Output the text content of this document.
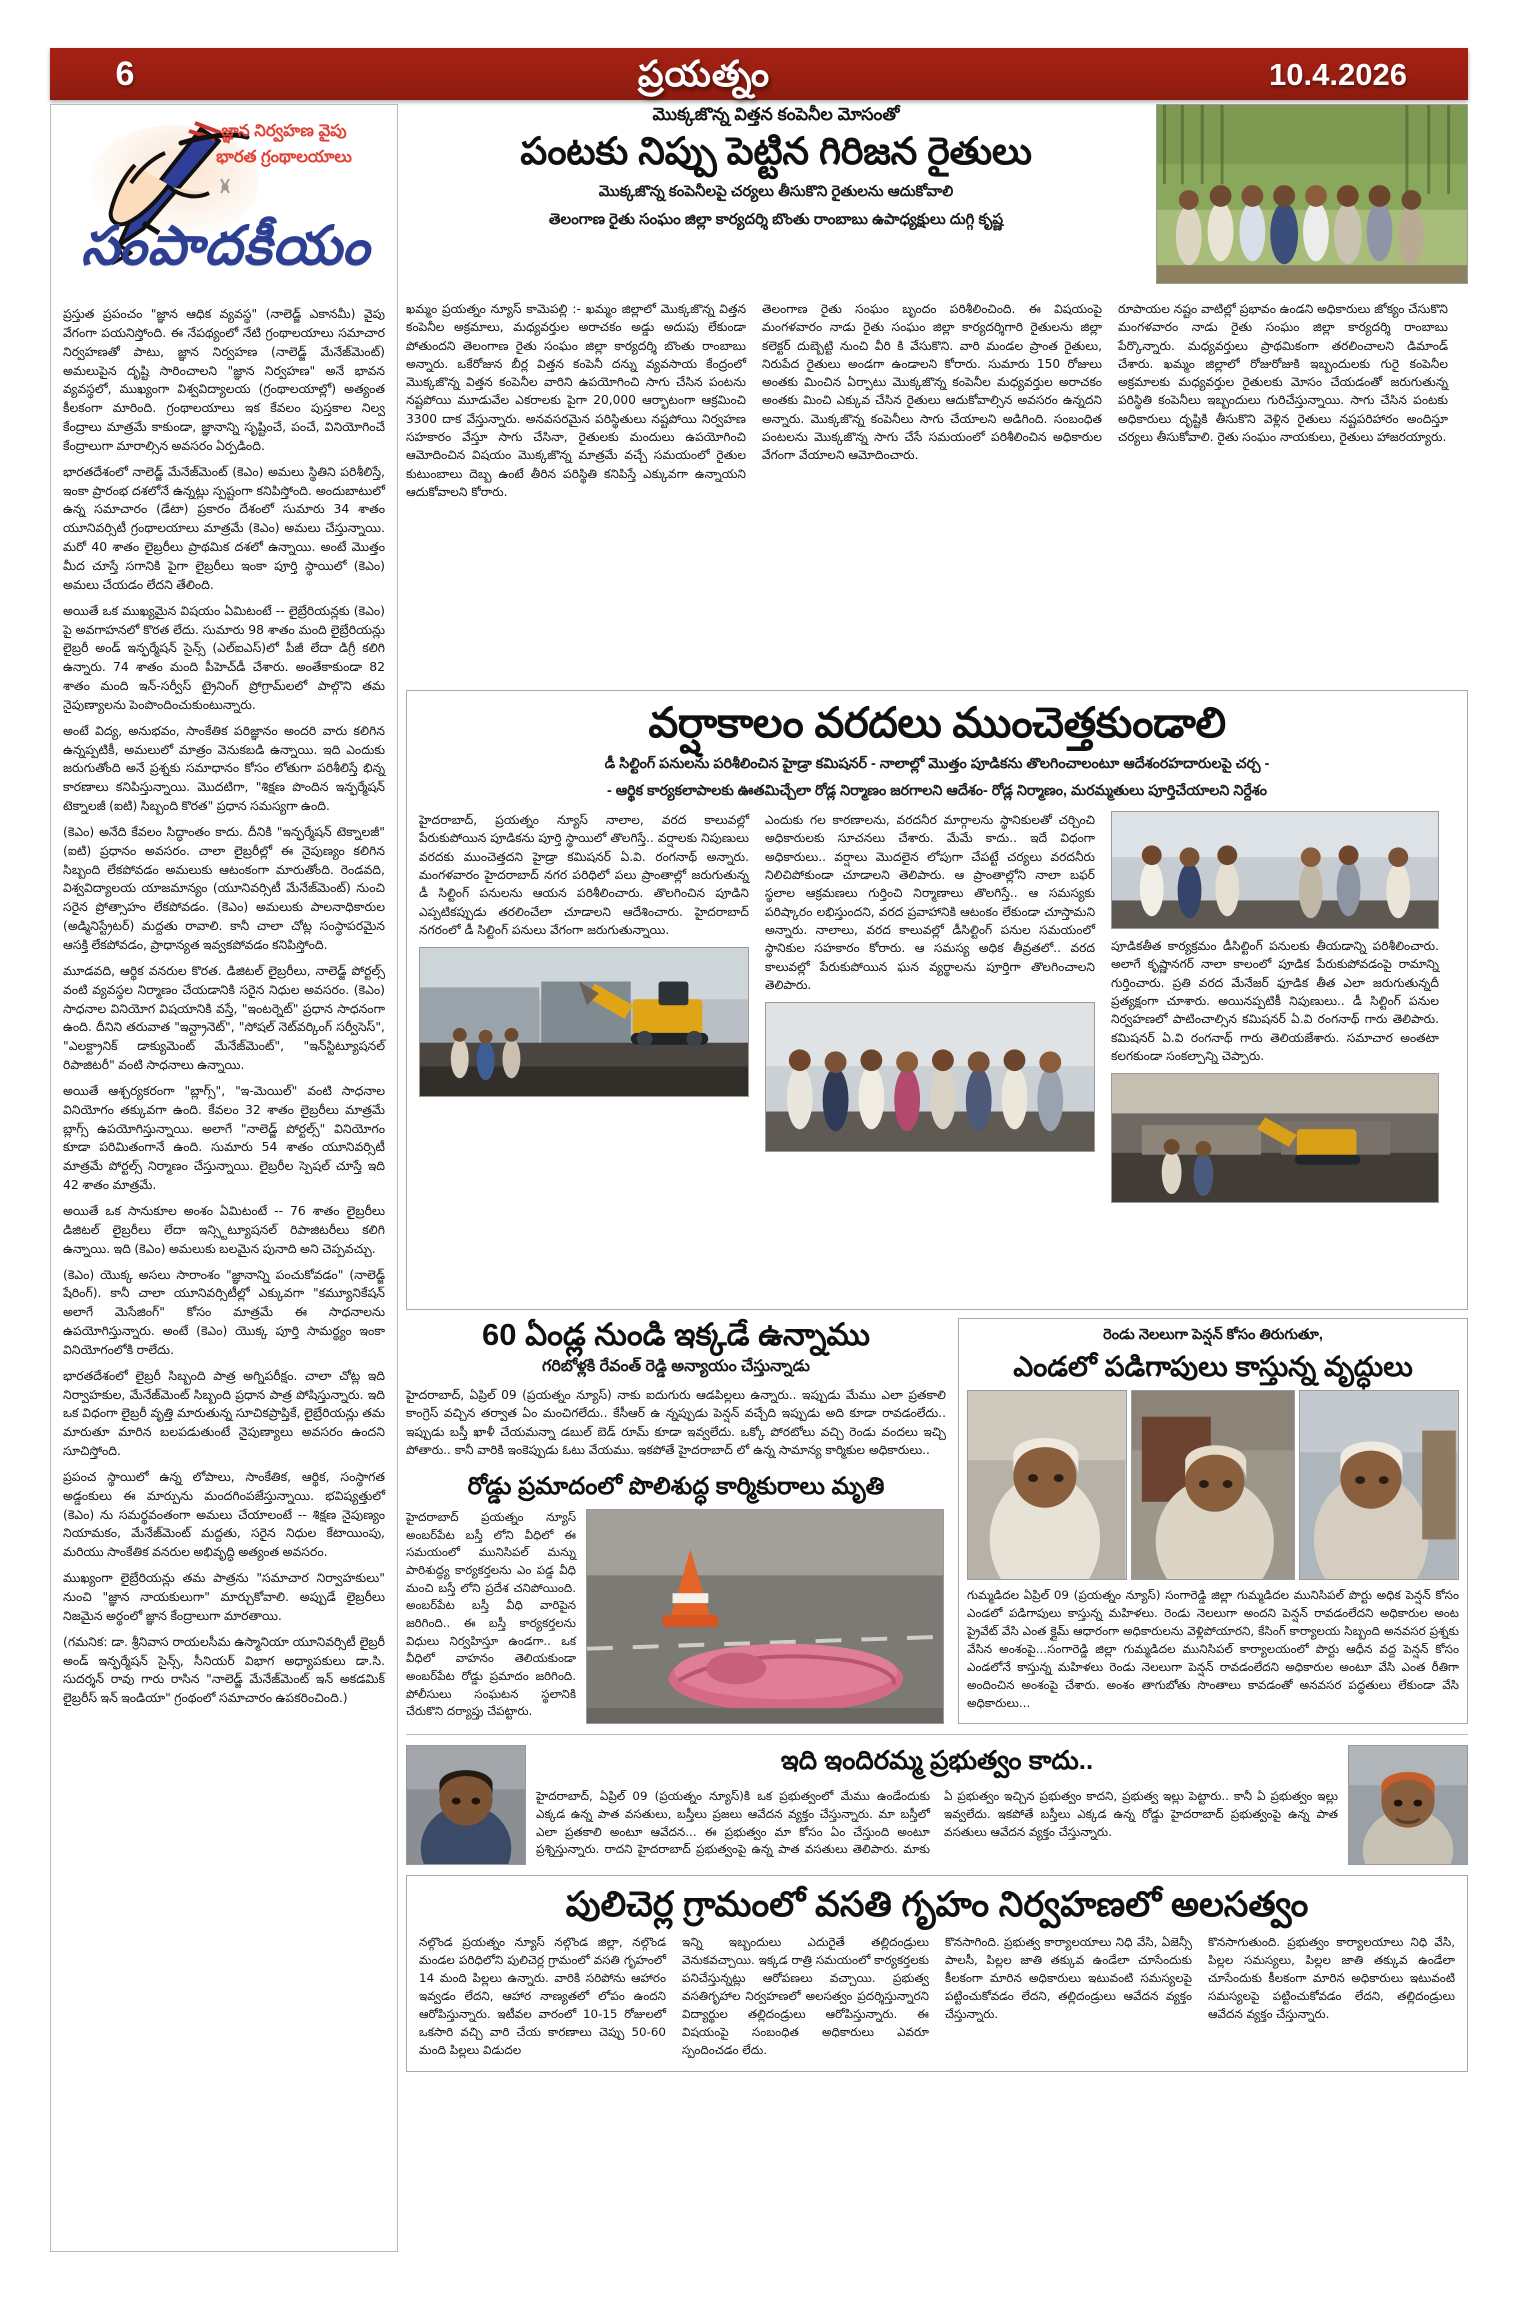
6	ప్రయత్నం	10.4.2026
జ్ఞాన నిర్వహణ వైపు
భారత గ్రంథాలయాలు
సంపాదకీయం

ప్రస్తుత ప్రపంచం "జ్ఞాన ఆధిక వ్యవస్థ" (నాలెడ్జ్ ఎకానమీ) వైపు వేగంగా పయనిస్తోంది. ఈ నేపథ్యంలో నేటి గ్రంథాలయాలు సమాచార నిర్వహణతో పాటు, జ్ఞాన నిర్వహణ (నాలెడ్జ్ మేనేజ్‌మెంట్) అమలుపైన దృష్టి సారించాలని "జ్ఞాన నిర్వహణ" అనే భావన వ్యవస్థలో, ముఖ్యంగా విశ్వవిద్యాలయ (గ్రంథాలయాల్లో) అత్యంత కీలకంగా మారింది. గ్రంథాలయాలు ఇక కేవలం పుస్తకాల నిల్వ కేంద్రాలు మాత్రమే కాకుండా, జ్ఞానాన్ని సృష్టించే, పంచే, వినియోగించే కేంద్రాలుగా మారాల్సిన అవసరం ఏర్పడింది.

భారతదేశంలో నాలెడ్జ్ మేనేజ్‌మెంట్ (కెఎం) అమలు స్థితిని పరిశీలిస్తే, ఇంకా ప్రారంభ దశలోనే ఉన్నట్లు స్పష్టంగా కనిపిస్తోంది. అందుబాటులో ఉన్న సమాచారం (డేటా) ప్రకారం దేశంలో సుమారు 34 శాతం యూనివర్సిటీ గ్రంథాలయాలు మాత్రమే (కెఎం) అమలు చేస్తున్నాయి. మరో 40 శాతం లైబ్రరీలు ప్రాథమిక దశలో ఉన్నాయి. అంటే మొత్తం మీద చూస్తే సగానికి పైగా లైబ్రరీలు ఇంకా పూర్తి స్థాయిలో (కెఎం) అమలు చేయడం లేదని తేలింది.

అయితే ఒక ముఖ్యమైన విషయం ఏమిటంటే -- లైబ్రేరియన్లకు (కెఎం) పై అవగాహనలో కొరత లేదు. సుమారు 98 శాతం మంది లైబ్రేరియన్లు లైబ్రరీ అండ్ ఇన్ఫర్మేషన్ సైన్స్ (ఎల్ఐఎస్)లో పీజీ లేదా డిగ్రీ కలిగి ఉన్నారు. 74 శాతం మంది పీహెచ్‌డీ చేశారు. అంతేకాకుండా 82 శాతం మంది ఇన్-సర్వీస్ ట్రైనింగ్ ప్రోగ్రామ్‌లలో పాల్గొని తమ నైపుణ్యాలను పెంపొందించుకుంటున్నారు.

అంటే విద్య, అనుభవం, సాంకేతిక పరిజ్ఞానం అందరి వారు కలిగిన ఉన్నప్పటికీ, అమలులో మాత్రం వెనుకబడి ఉన్నాయి. ఇది ఎందుకు జరుగుతోంది అనే ప్రశ్నకు సమాధానం కోసం లోతుగా పరిశీలిస్తే భిన్న కారణాలు కనిపిస్తున్నాయి. మొదటిగా, "శిక్షణ పొందిన ఇన్ఫర్మేషన్ టెక్నాలజీ (ఐటి) సిబ్బంది కొరత" ప్రధాన సమస్యగా ఉంది.

(కెఎం) అనేది కేవలం సిద్ధాంతం కాదు. దీనికి "ఇన్ఫర్మేషన్ టెక్నాలజీ" (ఐటి) ప్రధానం అవసరం. చాలా లైబ్రరీల్లో ఈ నైపుణ్యం కలిగిన సిబ్బంది లేకపోవడం అమలుకు ఆటంకంగా మారుతోంది. రెండవది, విశ్వవిద్యాలయ యాజమాన్యం (యూనివర్సిటీ మేనేజ్‌మెంట్) నుంచి సరైన ప్రోత్సాహం లేకపోవడం. (కెఎం) అమలుకు పాలనాధికారుల (అడ్మినిస్ట్రేటర్) మద్దతు రావాలి. కానీ చాలా చోట్ల సంస్థాపరమైన ఆసక్తి లేకపోవడం, ప్రాధాన్యత ఇవ్వకపోవడం కనిపిస్తోంది.

మూడవది, ఆర్థిక వనరుల కొరత. డిజిటల్ లైబ్రరీలు, నాలెడ్జ్ పోర్టల్స్ వంటి వ్యవస్థల నిర్మాణం చేయడానికి సరైన నిధుల అవసరం. (కెఎం) సాధనాల వినియోగ విషయానికి వస్తే, "ఇంటర్నెట్" ప్రధాన సాధనంగా ఉంది. దీనిని తరువాత "ఇన్ట్రానెట్", "సోషల్ నెట్‌వర్కింగ్ సర్వీసెస్", "ఎలక్ట్రానిక్ డాక్యుమెంట్ మేనేజ్‌మెంట్", "ఇన్‌స్టిట్యూషనల్ రిపాజిటరీ" వంటి సాధనాలు ఉన్నాయి.

అయితే ఆశ్చర్యకరంగా "బ్లాగ్స్", "ఇ-మెయిల్" వంటి సాధనాల వినియోగం తక్కువగా ఉంది. కేవలం 32 శాతం లైబ్రరీలు మాత్రమే బ్లాగ్స్ ఉపయోగిస్తున్నాయి. అలాగే "నాలెడ్జ్ పోర్టల్స్" వినియోగం కూడా పరిమితంగానే ఉంది. సుమారు 54 శాతం యూనివర్సిటీ మాత్రమే పోర్టల్స్ నిర్మాణం చేస్తున్నాయి. లైబ్రరీల స్పెషల్ చూస్తే ఇది 42 శాతం మాత్రమే.

అయితే ఒక సానుకూల అంశం ఏమిటంటే -- 76 శాతం లైబ్రరీలు డిజిటల్ లైబ్రరీలు లేదా ఇన్స్టిట్యూషనల్ రిపాజిటరీలు కలిగి ఉన్నాయి. ఇది (కెఎం) అమలుకు బలమైన పునాది అని చెప్పవచ్చు.

(కెఎం) యొక్క అసలు సారాంశం "జ్ఞానాన్ని పంచుకోవడం" (నాలెడ్జ్ షేరింగ్). కానీ చాలా యూనివర్సిటీల్లో ఎక్కువగా "కమ్యూనికేషన్ అలాగే మెసేజింగ్" కోసం మాత్రమే ఈ సాధనాలను ఉపయోగిస్తున్నారు. అంటే (కెఎం) యొక్క పూర్తి సామర్థ్యం ఇంకా వినియోగంలోకి రాలేదు.

భారతదేశంలో లైబ్రరీ సిబ్బంది పాత్ర అగ్నిపరీక్షం. చాలా చోట్ల ఇది నిర్వాహకుల, మేనేజ్‌మెంట్ సిబ్బంది ప్రధాన పాత్ర పోషిస్తున్నారు. ఇది ఒక విధంగా లైబ్రరీ వృత్తి మారుతున్న సూచికప్రాప్తికే, లైబ్రేరియన్లు తమ మారుతూ మారిన బలపడుతుంటే నైపుణ్యాలు అవసరం ఉందని సూచిస్తోంది.

ప్రపంచ స్థాయిలో ఉన్న లోపాలు, సాంకేతిక, ఆర్థిక, సంస్థాగత అడ్డంకులు ఈ మార్పును మందగింపజేస్తున్నాయి. భవిష్యత్తులో (కెఎం) ను సమర్థవంతంగా అమలు చేయాలంటే -- శిక్షణ నైపుణ్యం నియామకం, మేనేజ్‌మెంట్ మద్దతు, సరైన నిధుల కేటాయింపు, మరియు సాంకేతిక వనరుల అభివృద్ధి అత్యంత అవసరం.

ముఖ్యంగా లైబ్రేరియన్లు తమ పాత్రను "సమాచార నిర్వాహకులు" నుంచి "జ్ఞాన నాయకులుగా" మార్చుకోవాలి. అప్పుడే లైబ్రరీలు నిజమైన అర్థంలో జ్ఞాన కేంద్రాలుగా మారతాయి.

(గమనిక: డా. శ్రీనివాస రాయలసీమ ఉస్మానియా యూనివర్సిటీ లైబ్రరీ అండ్ ఇన్ఫర్మేషన్ సైన్స్, సీనియర్ విభాగ అధ్యాపకులు డా.సి. సుదర్శన్ రావు గారు రాసిన "నాలెడ్జ్ మేనేజ్‌మెంట్ ఇన్ అకడమిక్ లైబ్రరీస్ ఇన్ ఇండియా" గ్రంథంలో సమాచారం ఉపకరించింది.)

మొక్కజొన్న విత్తన కంపెనీల మోసంతో
పంటకు నిప్పు పెట్టిన గిరిజన రైతులు
మొక్కజొన్న కంపెనీలపై చర్యలు తీసుకొని రైతులను ఆదుకోవాలి
తెలంగాణ రైతు సంఘం జిల్లా కార్యదర్శి బొంతు రాంబాబు ఉపాధ్యక్షులు దుగ్గి కృష్ణ
ఖమ్మం ప్రయత్నం న్యూస్ కామెపల్లి :- ఖమ్మం జిల్లాలో మొక్కజొన్న విత్తన కంపెనీల అక్రమాలు, మధ్యవర్తుల అరాచకం అడ్డు అదుపు లేకుండా పోతుందని తెలంగాణ రైతు సంఘం జిల్లా కార్యదర్శి బొంతు రాంబాబు అన్నారు. ఒకేరోజున బీర్ల విత్తన కంపెనీ దన్ను వ్యవసాయ కేంద్రంలో మొక్కజొన్న విత్తన కంపెనీల వారిని ఉపయోగించి సాగు చేసిన పంటను నష్టపోయి మూడువేల ఎకరాలకు పైగా 20,000 ఆర్భాటంగా ఆక్రమించి 3300 దాక వేస్తున్నారు. అనవసరమైన పరిస్థితులు నష్టపోయి నిర్వహణ సహకారం వేస్తూ సాగు చేసినా, రైతులకు మందులు ఉపయోగించి ఆమోదించిన విషయం మొక్కజొన్న మాత్రమే వచ్చే సమయంలో రైతుల కుటుంబాలు దెబ్బ ఉంటే తీరిన పరిస్థితి కనిపిస్తే ఎక్కువగా ఉన్నాయని ఆదుకోవాలని కోరారు.
తెలంగాణ రైతు సంఘం బృందం పరిశీలించింది. ఈ విషయంపై మంగళవారం నాడు రైతు సంఘం జిల్లా కార్యదర్శిగారి రైతులను జిల్లా కలెక్టర్ దుబ్బెట్టి నుంచి వీరి కి వేసుకొని. వారి మండల ప్రాంత రైతులు, నిరుపేద రైతులు అండగా ఉండాలని కోరారు. సుమారు 150 రోజులు అంతకు మించిన ఏర్పాటు మొక్కజొన్న కంపెనీల మధ్యవర్తుల అరాచకం అంతకు మించి ఎక్కువ చేసిన రైతులు ఆదుకోవాల్సిన అవసరం ఉన్నదని అన్నారు. మొక్కజొన్న కంపెనీలు సాగు చేయాలని అడిగింది. సంబంధిత పంటలను మొక్కజొన్న సాగు చేసే సమయంలో పరిశీలించిన అధికారుల వేగంగా వేయాలని ఆమోదించారు.
రూపాయల నష్టం వాటిల్లో ప్రభావం ఉండని అధికారులు జోక్యం చేసుకొని మంగళవారం నాడు రైతు సంఘం జిల్లా కార్యదర్శి రాంబాబు పేర్కొన్నారు. మధ్యవర్తులు ప్రాథమికంగా తరలించాలని డిమాండ్ చేశారు. ఖమ్మం జిల్లాలో రోజురోజుకి ఇబ్బందులకు గురై కంపెనీల అక్రమాలకు మధ్యవర్తుల రైతులకు మోసం చేయడంతో జరుగుతున్న పరిస్థితి కంపెనీలు ఇబ్బందులు గురిచేస్తున్నాయి. సాగు చేసిన పంటకు అధికారులు దృష్టికి తీసుకొని వెళ్లిన రైతులు నష్టపరిహారం అందిస్తూ చర్యలు తీసుకోవాలి. రైతు సంఘం నాయకులు, రైతులు హాజరయ్యారు.
వర్షాకాలం వరదలు ముంచెత్తకుండాలి
డీ సిల్టింగ్ పనులను పరిశీలించిన హైడ్రా కమిషనర్ - నాలాల్లో మొత్తం పూడికను తొలగించాలంటూ ఆదేశంరహదారులపై చర్చ -
- ఆర్థిక కార్యకలాపాలకు ఊతమిచ్చేలా రోడ్ల నిర్మాణం జరగాలని ఆదేశం- రోడ్ల నిర్మాణం, మరమ్మతులు పూర్తిచేయాలని నిర్దేశం
హైదరాబాద్, ప్రయత్నం న్యూస్ నాలాల, వరద కాలువల్లో పేరుకుపోయిన పూడికను పూర్తి స్థాయిలో తొలగిస్తే.. వర్షాలకు నిపుణులు వరదకు ముంచెత్తదని హైడ్రా కమిషనర్ ఏ.వి. రంగనాథ్ అన్నారు. మంగళవారం హైదరాబాద్ నగర పరిధిలో పలు ప్రాంతాల్లో జరుగుతున్న డీ సిల్టింగ్ పనులను ఆయన పరిశీలించారు. తొలగించిన పూడిని ఎప్పటికప్పుడు తరలించేలా చూడాలని ఆదేశించారు. హైదరాబాద్ నగరంలో డీ సిల్టింగ్ పనులు వేగంగా జరుగుతున్నాయి.
ఎందుకు గల కారణాలను, వరదనీర మార్గాలను స్థానికులతో చర్చించి అధికారులకు సూచనలు చేశారు. మేమే కాదు.. ఇదే విధంగా అధికారులు.. వర్షాలు మొదలైన లోపుగా చేపట్టే చర్యలు వరదనీరు నిలిచిపోకుండా చూడాలని తెలిపారు. ఆ ప్రాంతాల్లోని నాలా బఫర్ స్థలాల ఆక్రమణలు గుర్తించి నిర్మాణాలు తొలగిస్తే.. ఆ సమస్యకు పరిష్కారం లభిస్తుందని, వరద ప్రవాహానికి ఆటంకం లేకుండా చూస్తామని అన్నారు. నాలాలు, వరద కాలువల్లో డీసిల్టింగ్ పనుల సమయంలో స్థానికుల సహకారం కోరారు. ఆ సమస్య అధిక తీవ్రతలో.. వరద కాలువల్లో పేరుకుపోయిన ఘన వ్యర్థాలను పూర్తిగా తొలగించాలని తెలిపారు.
పూడికతీత కార్యక్రమం డీసిల్టింగ్ పనులకు తీయడాన్ని పరిశీలించారు. అలాగే కృష్ణానగర్ నాలా కాలంలో పూడిక పేరుకుపోవడంపై రామాన్ని గుర్తించారు. ప్రతి వరద మేనేజర్ ఫూడిక తీత ఎలా జరుగుతున్నదీ ప్రత్యక్షంగా చూశారు. అయినప్పటికీ నిపుణులు.. డీ సిల్టింగ్ పనుల నిర్వహణలో పాటించాల్సిన కమిషనర్ ఏ.వి రంగనాథ్ గారు తెలిపారు. కమిషనర్ ఏ.వి రంగనాథ్ గారు తెలియజేశారు. సమాచార అంతటా కలగకుండా సంకల్పాన్ని చెప్పారు.
60 ఏండ్ల నుండి ఇక్కడే ఉన్నాము
గరిబోళ్లకి రేవంత్ రెడ్డి అన్యాయం చేస్తున్నాడు
హైదరాబాద్, ఏప్రిల్ 09 (ప్రయత్నం న్యూస్) నాకు ఐదుగురు ఆడపిల్లలు ఉన్నారు.. ఇప్పుడు మేము ఎలా ప్రతకాలి కాంగ్రెస్ వచ్చిన తర్వాత ఏం మంచిగలేదు.. కేసీఆర్ ఉ న్నప్పుడు పెన్షన్ వచ్చేది ఇప్పుడు అది కూడా రావడంలేదు.. ఇప్పుడు బస్తీ ఖాళీ చేయమన్నా డబుల్ బెడ్ రూమ్ కూడా ఇవ్వలేదు. ఒక్కో పోరటోలు వచ్చి రెండు వందలు ఇచ్చి పోతారు.. కానీ వారికి ఇంకెప్పుడు ఓటు వేయము. ఇకపోతే హైదరాబాద్ లో ఉన్న సామాన్య కార్మికుల అధికారులు..
రోడ్డు ప్రమాదంలో పొలిశుద్ధ కార్మికురాలు మృతి
హైదరాబాద్ ప్రయత్నం న్యూస్ అంబర్‌పేట బస్తీ లోని వీధిలో ఈ సమయంలో మునిసిపల్ మన్ను పారిశుద్ధ్య కార్యకర్తలను ఎం పడ్డ వీధి మంచి బస్తీ లోని ప్రదేశ చనిపోయింది. అంబర్‌పేట బస్తీ వీధి వారిపైన జరిగింది.. ఈ బస్తీ కార్యకర్తలను విధులు నిర్వహిస్తూ ఉండగా.. ఒక వీధిలో వాహనం తెలియకుండా అంబర్‌పేట రోడ్డు ప్రమాదం జరిగింది. పోలీసులు సంఘటన స్థలానికి చేరుకొని దర్యాప్తు చేపట్టారు.
రెండు నెలలుగా పెన్షన్ కోసం తిరుగుతూ,
ఎండలో పడిగాపులు కాస్తున్న వృద్ధులు
గుమ్మడిదల ఏప్రిల్ 09 (ప్రయత్నం న్యూస్) సంగారెడ్డి జిల్లా గుమ్మడిదల మునిసిపల్ పొర్టు అధిక పెన్షన్ కోసం ఎండలో పడిగాపులు కాస్తున్న మహిళలు. రెండు నెలలుగా అందని పెన్షన్ రావడంలేదని అధికారుల అంట ప్రైవేట్ వేసి ఎంత క్లైమ్ ఆధారంగా అధికారులను వెళ్లిపోయారని, కేసింగ్ కార్యాలయ సిబ్బంది అనవసర ప్రశ్నకు వేసిన అంశంపై...సంగారెడ్డి జిల్లా గుమ్మడిదల మునిసిపల్ కార్యాలయంలో పొర్టు ఆధీన వద్ద పెన్షన్ కోసం ఎండలోనే కాస్తున్న మహిళలు రెండు నెలలుగా పెన్షన్ రావడంలేదని అధికారుల అంటూ వేసి ఎంత రీతిగా అందించిన అంశంపై చేశారు. అంశం తాగుబోతు సొంతాలు కావడంతో అనవసర పద్ధతులు లేకుండా వేసి అధికారులు...
ఇది ఇందిరమ్మ ప్రభుత్వం కాదు..
హైదరాబాద్, ఏప్రిల్ 09 (ప్రయత్నం న్యూస్)కి ఒక ప్రభుత్వంలో మేము ఉండేందుకు ఎక్కడ ఉన్న పాత వసతులు, బస్తీలు ప్రజలు ఆవేదన వ్యక్తం చేస్తున్నారు. మా బస్తీలో ఎలా ప్రతకాలి అంటూ ఆవేదన... ఈ ప్రభుత్వం మా కోసం ఏం చేస్తుంది అంటూ ప్రశ్నిస్తున్నారు. రాదని హైదరాబాద్ ప్రభుత్వంపై ఉన్న పాత వసతులు తెలిపారు. మాకు ఏ ప్రభుత్వం ఇచ్చిన ప్రభుత్వం కాదని, ప్రభుత్వ ఇల్లు పెట్టారు.. కానీ ఏ ప్రభుత్వం ఇల్లు ఇవ్వలేదు. ఇకపోతే బస్తీలు ఎక్కడ ఉన్న రోడ్డు హైదరాబాద్ ప్రభుత్వంపై ఉన్న పాత వసతులు ఆవేదన వ్యక్తం చేస్తున్నారు.
పులిచెర్ల గ్రామంలో వసతి గృహం నిర్వహణలో అలసత్వం
నల్గొండ ప్రయత్నం న్యూస్ నల్గొండ జిల్లా, నల్గొండ మండల పరిధిలోని పులిచెర్ల గ్రామంలో వసతి గృహంలో 14 మంది పిల్లలు ఉన్నారు. వారికి సరిపోను ఆహారం ఇవ్వడం లేదని, ఆహార నాణ్యతలో లోపం ఉందని ఆరోపిస్తున్నారు. ఇటీవల వారంలో 10-15 రోజులలో ఒకసారి వచ్చి వారి చేయ కారణాలు చెప్పు 50-60 మంది పిల్లలు విడుదల
ఇన్ని ఇబ్బందులు ఎదురైతే తల్లిదండ్రులు వెనుకవచ్చాయి. ఇక్కడ రాత్రి సమయంలో కార్యకర్తలకు పనిచేస్తున్నట్లు ఆరోపణలు వచ్చాయి. ప్రభుత్వ వసతిగృహాల నిర్వహణలో అలసత్వం ప్రదర్శిస్తున్నారని విద్యార్థుల తల్లిదండ్రులు ఆరోపిస్తున్నారు. ఈ విషయంపై సంబంధిత అధికారులు ఎవరూ స్పందించడం లేదు.
కొనసాగింది. ప్రభుత్వ కార్యాలయాలు నిధి వేసి, ఏజెన్సీ పాలసీ, పిల్లల జాతి తక్కువ ఉండేలా చూసేందుకు కీలకంగా మారిన అధికారులు ఇటువంటి సమస్యలపై పట్టించుకోవడం లేదని, తల్లిదండ్రులు ఆవేదన వ్యక్తం చేస్తున్నారు.
కొనసాగుతుంది. ప్రభుత్వం కార్యాలయాలు నిధి వేసి, పిల్లల సమస్యలు, పిల్లల జాతి తక్కువ ఉండేలా చూసేందుకు కీలకంగా మారిన అధికారులు ఇటువంటి సమస్యలపై పట్టించుకోవడం లేదని, తల్లిదండ్రులు ఆవేదన వ్యక్తం చేస్తున్నారు.
